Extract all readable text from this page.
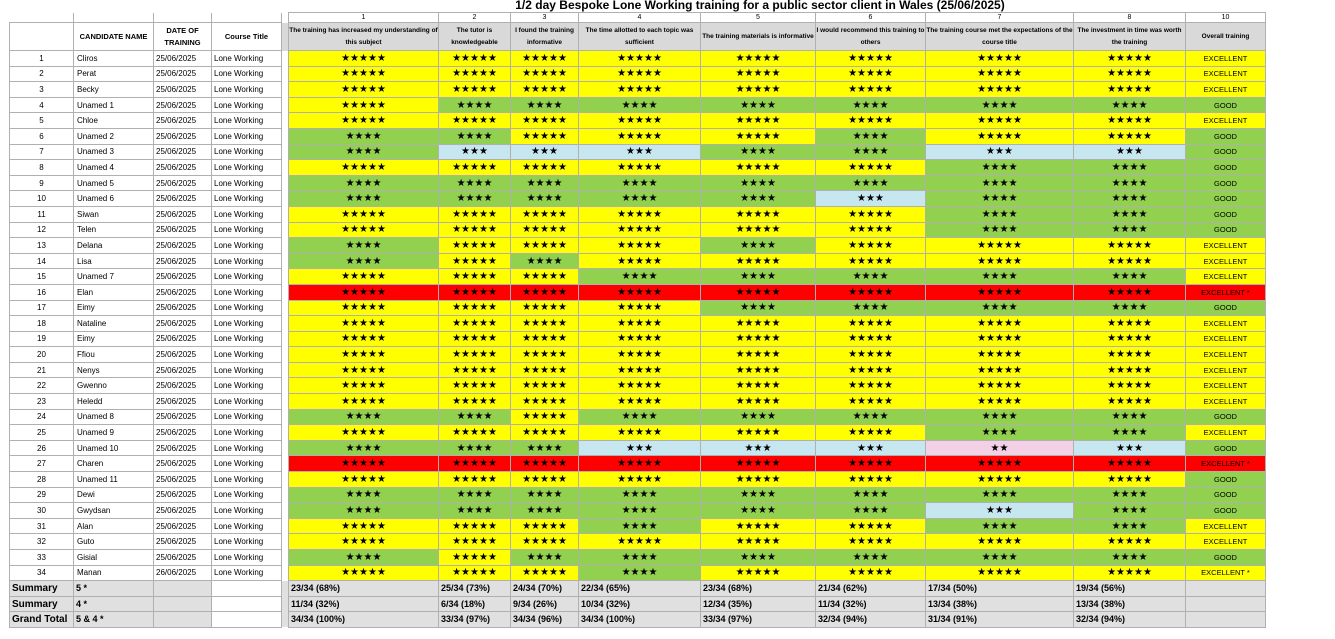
1/2 day Bespoke Lone Working training for a public sector client in Wales (25/06/2025)
					1	2	3	4	5	6	7	8	10
	CANDIDATE NAME	DATE OF TRAINING	Course Title		The training has increased my understanding of this subject	The tutor is knowledgeable	I found the training informative	The time allotted to each topic was sufficient	The training materials is informative	I would recommend this training to others	The training course met the expectations of the course title	The investment in time was worth the training	Overall training
1	Cliros	25/06/2025	Lone Working		★★★★★	★★★★★	★★★★★	★★★★★	★★★★★	★★★★★	★★★★★	★★★★★	EXCELLENT
2	Perat	25/06/2025	Lone Working		★★★★★	★★★★★	★★★★★	★★★★★	★★★★★	★★★★★	★★★★★	★★★★★	EXCELLENT
3	Becky	25/06/2025	Lone Working		★★★★★	★★★★★	★★★★★	★★★★★	★★★★★	★★★★★	★★★★★	★★★★★	EXCELLENT
4	Unamed 1	25/06/2025	Lone Working		★★★★★	★★★★	★★★★	★★★★	★★★★	★★★★	★★★★	★★★★	GOOD
5	Chloe	25/06/2025	Lone Working		★★★★★	★★★★★	★★★★★	★★★★★	★★★★★	★★★★★	★★★★★	★★★★★	EXCELLENT
6	Unamed 2	25/06/2025	Lone Working		★★★★	★★★★	★★★★★	★★★★★	★★★★★	★★★★	★★★★★	★★★★★	GOOD
7	Unamed 3	25/06/2025	Lone Working		★★★★	★★★	★★★	★★★	★★★★	★★★★	★★★	★★★	GOOD
8	Unamed 4	25/06/2025	Lone Working		★★★★★	★★★★★	★★★★★	★★★★★	★★★★★	★★★★★	★★★★	★★★★	GOOD
9	Unamed 5	25/06/2025	Lone Working		★★★★	★★★★	★★★★	★★★★	★★★★	★★★★	★★★★	★★★★	GOOD
10	Unamed 6	25/06/2025	Lone Working		★★★★	★★★★	★★★★	★★★★	★★★★	★★★	★★★★	★★★★	GOOD
11	Siwan	25/06/2025	Lone Working		★★★★★	★★★★★	★★★★★	★★★★★	★★★★★	★★★★★	★★★★	★★★★	GOOD
12	Telen	25/06/2025	Lone Working		★★★★★	★★★★★	★★★★★	★★★★★	★★★★★	★★★★★	★★★★	★★★★	GOOD
13	Delana	25/06/2025	Lone Working		★★★★	★★★★★	★★★★★	★★★★★	★★★★	★★★★★	★★★★★	★★★★★	EXCELLENT
14	Lisa	25/06/2025	Lone Working		★★★★	★★★★★	★★★★	★★★★★	★★★★★	★★★★★	★★★★★	★★★★★	EXCELLENT
15	Unamed 7	25/06/2025	Lone Working		★★★★★	★★★★★	★★★★★	★★★★	★★★★	★★★★	★★★★	★★★★	EXCELLENT
16	Elan	25/06/2025	Lone Working		★★★★★	★★★★★	★★★★★	★★★★★	★★★★★	★★★★★	★★★★★	★★★★★	EXCELLENT *
17	Eimy	25/06/2025	Lone Working		★★★★★	★★★★★	★★★★★	★★★★★	★★★★	★★★★	★★★★	★★★★	GOOD
18	Nataline	25/06/2025	Lone Working		★★★★★	★★★★★	★★★★★	★★★★★	★★★★★	★★★★★	★★★★★	★★★★★	EXCELLENT
19	Eimy	25/06/2025	Lone Working		★★★★★	★★★★★	★★★★★	★★★★★	★★★★★	★★★★★	★★★★★	★★★★★	EXCELLENT
20	Ffiou	25/06/2025	Lone Working		★★★★★	★★★★★	★★★★★	★★★★★	★★★★★	★★★★★	★★★★★	★★★★★	EXCELLENT
21	Nenys	25/06/2025	Lone Working		★★★★★	★★★★★	★★★★★	★★★★★	★★★★★	★★★★★	★★★★★	★★★★★	EXCELLENT
22	Gwenno	25/06/2025	Lone Working		★★★★★	★★★★★	★★★★★	★★★★★	★★★★★	★★★★★	★★★★★	★★★★★	EXCELLENT
23	Heledd	25/06/2025	Lone Working		★★★★★	★★★★★	★★★★★	★★★★★	★★★★★	★★★★★	★★★★★	★★★★★	EXCELLENT
24	Unamed 8	25/06/2025	Lone Working		★★★★	★★★★	★★★★★	★★★★	★★★★	★★★★	★★★★	★★★★	GOOD
25	Unamed 9	25/06/2025	Lone Working		★★★★★	★★★★★	★★★★★	★★★★★	★★★★★	★★★★★	★★★★	★★★★	EXCELLENT
26	Unamed 10	25/06/2025	Lone Working		★★★★	★★★★	★★★★	★★★	★★★	★★★	★★	★★★	GOOD
27	Charen	25/06/2025	Lone Working		★★★★★	★★★★★	★★★★★	★★★★★	★★★★★	★★★★★	★★★★★	★★★★★	EXCELLENT *
28	Unamed 11	25/06/2025	Lone Working		★★★★★	★★★★★	★★★★★	★★★★★	★★★★★	★★★★★	★★★★★	★★★★★	GOOD
29	Dewi	25/06/2025	Lone Working		★★★★	★★★★	★★★★	★★★★	★★★★	★★★★	★★★★	★★★★	GOOD
30	Gwydsan	25/06/2025	Lone Working		★★★★	★★★★	★★★★	★★★★	★★★★	★★★★	★★★	★★★★	GOOD
31	Alan	25/06/2025	Lone Working		★★★★★	★★★★★	★★★★★	★★★★	★★★★★	★★★★★	★★★★	★★★★	EXCELLENT
32	Guto	25/06/2025	Lone Working		★★★★★	★★★★★	★★★★★	★★★★★	★★★★★	★★★★★	★★★★★	★★★★★	EXCELLENT
33	Gisial	25/06/2025	Lone Working		★★★★	★★★★★	★★★★	★★★★	★★★★	★★★★	★★★★	★★★★	GOOD
34	Manan	26/06/2025	Lone Working		★★★★★	★★★★★	★★★★★	★★★★	★★★★★	★★★★★	★★★★★	★★★★★	EXCELLENT *
Summary	5 *				23/34 (68%)	25/34 (73%)	24/34 (70%)	22/34 (65%)	23/34 (68%)	21/34 (62%)	17/34 (50%)	19/34 (56%)	
Summary	4 *				11/34 (32%)	6/34 (18%)	9/34 (26%)	10/34 (32%)	12/34 (35%)	11/34 (32%)	13/34 (38%)	13/34 (38%)	
Grand Total	5 & 4 *				34/34 (100%)	33/34 (97%)	34/34 (96%)	34/34 (100%)	33/34 (97%)	32/34 (94%)	31/34 (91%)	32/34 (94%)	
